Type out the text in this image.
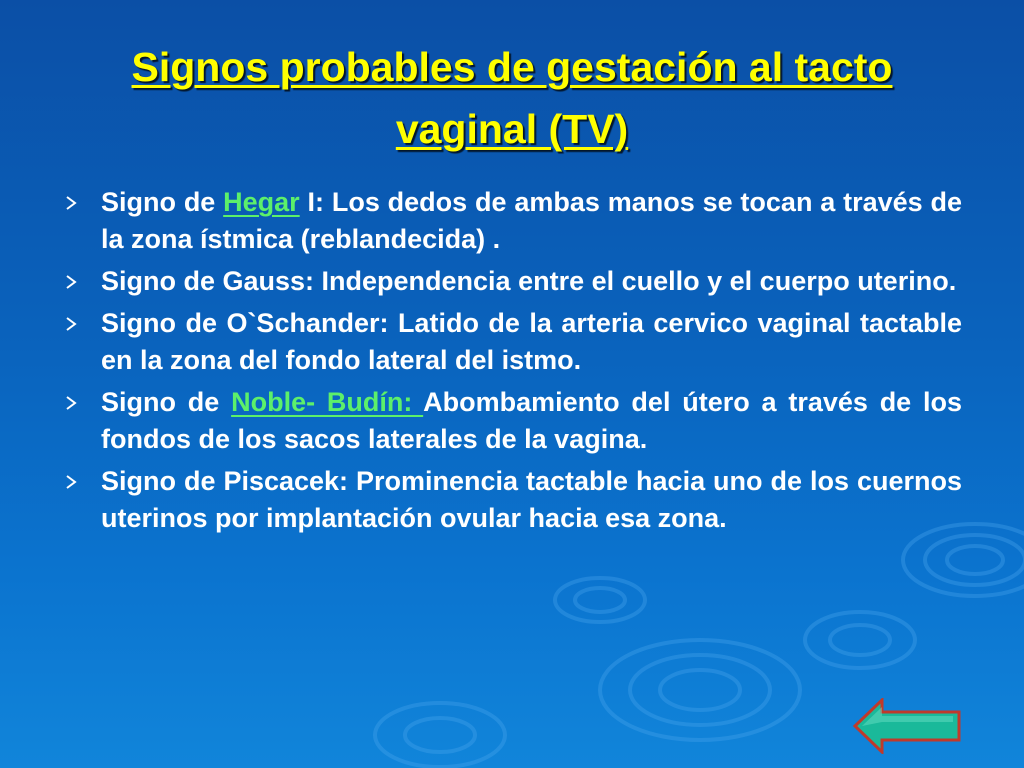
Signos probables de gestación al tacto vaginal (TV)
Signo de Hegar I: Los dedos de ambas manos se tocan a través de la zona ístmica (reblandecida) .
Signo de Gauss: Independencia entre el cuello y el cuerpo uterino.
Signo de O`Schander: Latido de la arteria cervico vaginal tactable en la zona del fondo lateral del istmo.
Signo de Noble- Budín: Abombamiento del útero a través de los fondos de los sacos laterales de la vagina.
Signo de Piscacek: Prominencia tactable hacia uno de los cuernos uterinos por implantación ovular hacia esa zona.
